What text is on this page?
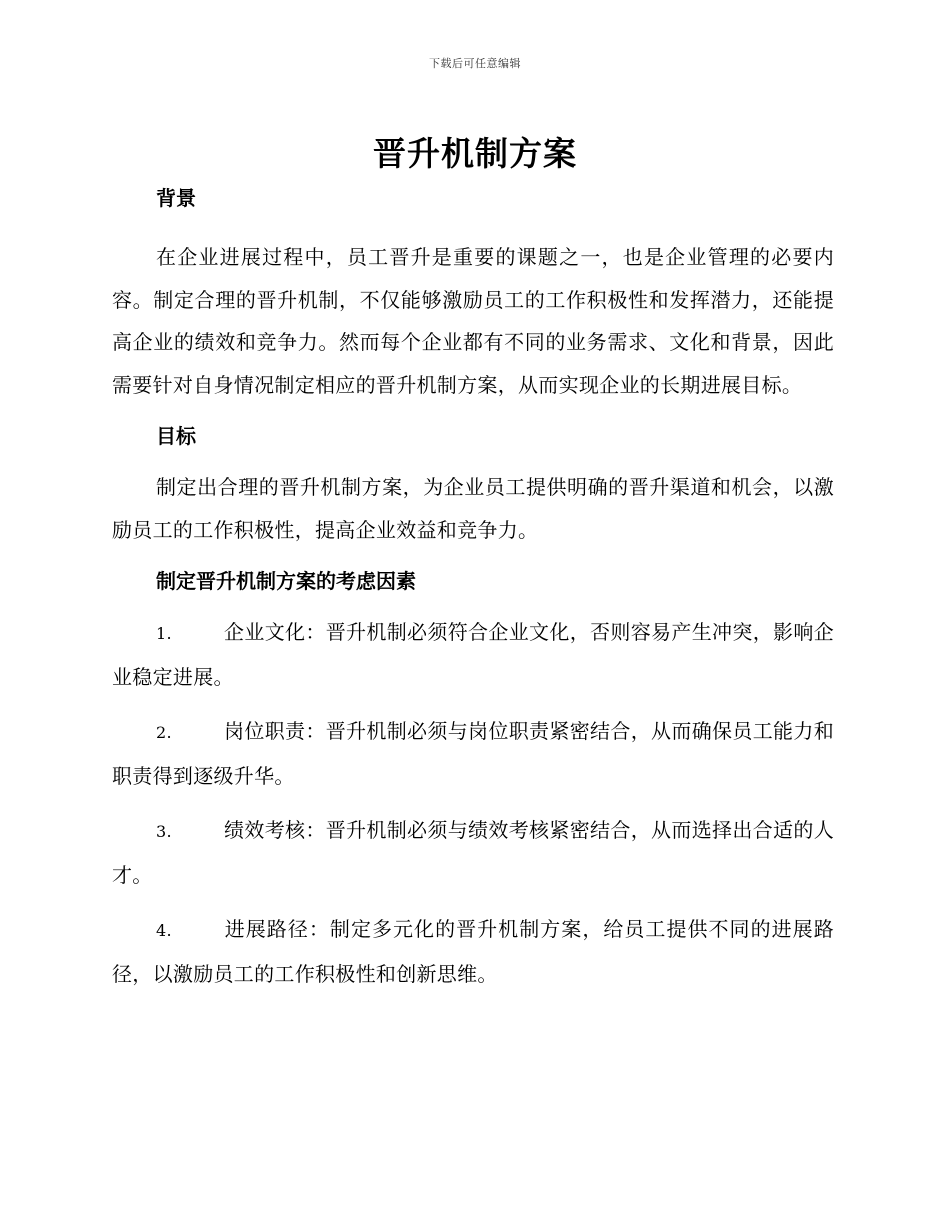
下载后可任意编辑
晋升机制方案
背景

在企业进展过程中，员工晋升是重要的课题之一，也是企业管理的必要内容。制定合理的晋升机制，不仅能够激励员工的工作积极性和发挥潜力，还能提高企业的绩效和竞争力。然而每个企业都有不同的业务需求、文化和背景，因此需要针对自身情况制定相应的晋升机制方案，从而实现企业的长期进展目标。

目标

制定出合理的晋升机制方案，为企业员工提供明确的晋升渠道和机会，以激励员工的工作积极性，提高企业效益和竞争力。

制定晋升机制方案的考虑因素

1.	企业文化：晋升机制必须符合企业文化，否则容易产生冲突，影响企业稳定进展。

2.	岗位职责：晋升机制必须与岗位职责紧密结合，从而确保员工能力和职责得到逐级升华。

3.	绩效考核：晋升机制必须与绩效考核紧密结合，从而选择出合适的人才。

4.	进展路径：制定多元化的晋升机制方案，给员工提供不同的进展路径，以激励员工的工作积极性和创新思维。
